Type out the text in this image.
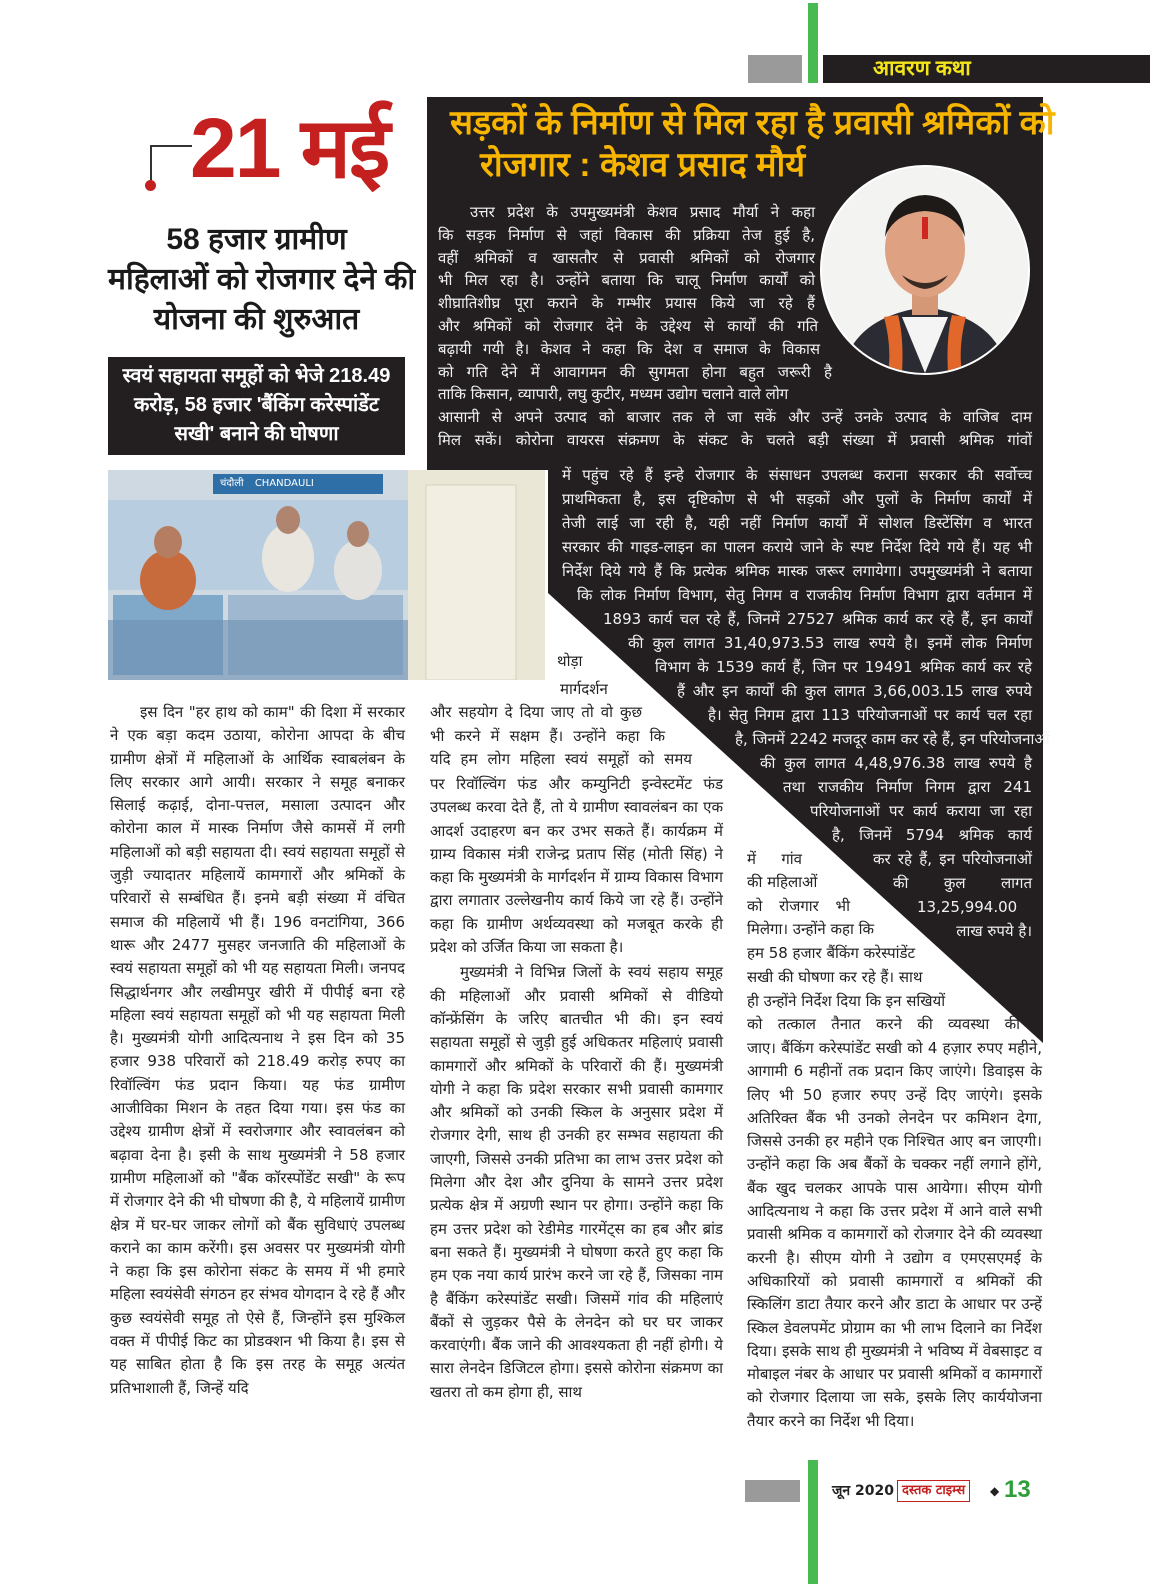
आवरण कथा
21 मई
58 हजार ग्रामीण
महिलाओं को रोजगार देने की
योजना की शुरुआत
स्वयं सहायता समूहों को भेजे 218.49
करोड़, 58 हजार 'बैंकिंग करेस्पांडेंट
सखी' बनाने की घोषणा
सड़कों के निर्माण से मिल रहा है प्रवासी श्रमिकों को
रोजगार : केशव प्रसाद मौर्य
चंदौली CHANDAULI
उत्तर प्रदेश के उपमुख्यमंत्री केशव प्रसाद मौर्या ने कहा
कि सड़क निर्माण से जहां विकास की प्रक्रिया तेज हुई है,
वहीं श्रमिकों व खासतौर से प्रवासी श्रमिकों को रोजगार
भी मिल रहा है। उन्होंने बताया कि चालू निर्माण कार्यों को
शीघ्रातिशीघ्र पूरा कराने के गम्भीर प्रयास किये जा रहे हैं
और श्रमिकों को रोजगार देने के उद्देश्य से कार्यों की गति
बढ़ायी गयी है। केशव ने कहा कि देश व समाज के विकास
को गति देने में आवागमन की सुगमता होना बहुत जरूरी है
ताकि किसान, व्यापारी, लघु कुटीर, मध्यम उद्योग चलाने वाले लोग
आसानी से अपने उत्पाद को बाजार तक ले जा सकें और उन्हें उनके उत्पाद के वाजिब दाम
मिल सकें। कोरोना वायरस संक्रमण के संकट के चलते बड़ी संख्या में प्रवासी श्रमिक गांवों
में पहुंच रहे हैं इन्हे रोजगार के संसाधन उपलब्ध कराना सरकार की सर्वोच्च
प्राथमिकता है, इस दृष्टिकोण से भी सड़कों और पुलों के निर्माण कार्यों में
तेजी लाई जा रही है, यही नहीं निर्माण कार्यों में सोशल डिस्टेंसिंग व भारत
सरकार की गाइड-लाइन का पालन कराये जाने के स्पष्ट निर्देश दिये गये हैं। यह भी
निर्देश दिये गये हैं कि प्रत्येक श्रमिक मास्क जरूर लगायेगा। उपमुख्यमंत्री ने बताया
कि लोक निर्माण विभाग, सेतु निगम व राजकीय निर्माण विभाग द्वारा वर्तमान में
1893 कार्य चल रहे हैं, जिनमें 27527 श्रमिक कार्य कर रहे हैं, इन कार्यों
की कुल लागत 31,40,973.53 लाख रुपये है। इनमें लोक निर्माण
विभाग के 1539 कार्य हैं, जिन पर 19491 श्रमिक कार्य कर रहे
हैं और इन कार्यों की कुल लागत 3,66,003.15 लाख रुपये
है। सेतु निगम द्वारा 113 परियोजनाओं पर कार्य चल रहा
है, जिनमें 2242 मजदूर काम कर रहे हैं, इन परियोजनाओं
की कुल लागत 4,48,976.38 लाख रुपये है
तथा राजकीय निर्माण निगम द्वारा 241
परियोजनाओं पर कार्य कराया जा रहा
है, जिनमें 5794 श्रमिक कार्य
कर रहे हैं, इन परियोजनाओं
की कुल लागत
13,25,994.00
लाख रुपये है।

इस दिन "हर हाथ को काम" की दिशा में सरकार ने एक बड़ा कदम उठाया, कोरोना आपदा के बीच ग्रामीण क्षेत्रों में महिलाओं के आर्थिक स्वाबलंबन के लिए सरकार आगे आयी। सरकार ने समूह बनाकर सिलाई कढ़ाई, दोना-पत्तल, मसाला उत्पादन और कोरोना काल में मास्क निर्माण जैसे कामसें में लगी महिलाओं को बड़ी सहायता दी। स्वयं सहायता समूहों से जुड़ी ज्यादातर महिलायें कामगारों और श्रमिकों के परिवारों से सम्बंधित हैं। इनमे बड़ी संख्या में वंचित समाज की महिलायें भी हैं। 196 वनटांगिया, 366 थारू और 2477 मुसहर जनजाति की महिलाओं के स्वयं सहायता समूहों को भी यह सहायता मिली। जनपद सिद्धार्थनगर और लखीमपुर खीरी में पीपीई बना रहे महिला स्वयं सहायता समूहों को भी यह सहायता मिली है। मुख्यमंत्री योगी आदित्यनाथ ने इस दिन को 35 हजार 938 परिवारों को 218.49 करोड़ रुपए का रिवॉल्विंग फंड प्रदान किया। यह फंड ग्रामीण आजीविका मिशन के तहत दिया गया। इस फंड का उद्देश्य ग्रामीण क्षेत्रों में स्वरोजगार और स्वावलंबन को बढ़ावा देना है। इसी के साथ मुख्यमंत्री ने 58 हजार ग्रामीण महिलाओं को "बैंक कॉरस्पोंडेंट सखी" के रूप में रोजगार देने की भी घोषणा की है, ये महिलायें ग्रामीण क्षेत्र में घर-घर जाकर लोगों को बैंक सुविधाएं उपलब्ध कराने का काम करेंगी। इस अवसर पर मुख्यमंत्री योगी ने कहा कि इस कोरोना संकट के समय में भी हमारे महिला स्वयंसेवी संगठन हर संभव योगदान दे रहे हैं और कुछ स्वयंसेवी समूह तो ऐसे हैं, जिन्होंने इस मुश्किल वक्त में पीपीई किट का प्रोडक्शन भी किया है। इस से यह साबित होता है कि इस तरह के समूह अत्यंत प्रतिभाशाली हैं, जिन्हें यदि

थोड़ा
मार्गदर्शन
और सहयोग दे दिया जाए तो वो कुछ
भी करने में सक्षम हैं। उन्होंने कहा कि
यदि हम लोग महिला स्वयं समूहों को समय

पर रिवॉल्विंग फंड और कम्युनिटी इन्वेस्टमेंट फंड उपलब्ध करवा देते हैं, तो ये ग्रामीण स्वावलंबन का एक आदर्श उदाहरण बन कर उभर सकते हैं। कार्यक्रम में ग्राम्य विकास मंत्री राजेन्द्र प्रताप सिंह (मोती सिंह) ने कहा कि मुख्यमंत्री के मार्गदर्शन में ग्राम्य विकास विभाग द्वारा लगातार उल्लेखनीय कार्य किये जा रहे हैं। उन्होंने कहा कि ग्रामीण अर्थव्यवस्था को मजबूत करके ही प्रदेश को उर्जित किया जा सकता है।

मुख्यमंत्री ने विभिन्न जिलों के स्वयं सहाय समूह की महिलाओं और प्रवासी श्रमिकों से वीडियो कॉन्फ्रेंसिंग के जरिए बातचीत भी की। इन स्वयं सहायता समूहों से जुड़ी हुई अधिकतर महिलाएं प्रवासी कामगारों और श्रमिकों के परिवारों की हैं। मुख्यमंत्री योगी ने कहा कि प्रदेश सरकार सभी प्रवासी कामगार और श्रमिकों को उनकी स्किल के अनुसार प्रदेश में रोजगार देगी, साथ ही उनकी हर सम्भव सहायता की जाएगी, जिससे उनकी प्रतिभा का लाभ उत्तर प्रदेश को मिलेगा और देश और दुनिया के सामने उत्तर प्रदेश प्रत्येक क्षेत्र में अग्रणी स्थान पर होगा। उन्होंने कहा कि हम उत्तर प्रदेश को रेडीमेड गारमेंट्स का हब और ब्रांड बना सकते हैं। मुख्यमंत्री ने घोषणा करते हुए कहा कि हम एक नया कार्य प्रारंभ करने जा रहे हैं, जिसका नाम है बैंकिंग करेस्पांडेंट सखी। जिसमें गांव की महिलाएं बैंकों से जुड़कर पैसे के लेनदेन को घर घर जाकर करवाएंगी। बैंक जाने की आवश्यकता ही नहीं होगी। ये सारा लेनदेन डिजिटल होगा। इससे कोरोना संक्रमण का खतरा तो कम होगा ही, साथ

में गांव
की महिलाओं
को रोजगार भी
मिलेगा। उन्होंने कहा कि
हम 58 हजार बैंकिंग करेस्पांडेंट
सखी की घोषणा कर रहे हैं। साथ
ही उन्होंने निर्देश दिया कि इन सखियों
को तत्काल तैनात करने की व्यवस्था की

जाए। बैंकिंग करेस्पांडेंट सखी को 4 हज़ार रुपए महीने, आगामी 6 महीनों तक प्रदान किए जाएंगे। डिवाइस के लिए भी 50 हजार रुपए उन्हें दिए जाएंगे। इसके अतिरिक्त बैंक भी उनको लेनदेन पर कमिशन देगा, जिससे उनकी हर महीने एक निश्चित आए बन जाएगी। उन्होंने कहा कि अब बैंकों के चक्कर नहीं लगाने होंगे, बैंक खुद चलकर आपके पास आयेगा। सीएम योगी आदित्यनाथ ने कहा कि उत्तर प्रदेश में आने वाले सभी प्रवासी श्रमिक व कामगारों को रोजगार देने की व्यवस्था करनी है। सीएम योगी ने उद्योग व एमएसएमई के अधिकारियों को प्रवासी कामगारों व श्रमिकों की स्किलिंग डाटा तैयार करने और डाटा के आधार पर उन्हें स्किल डेवलपमेंट प्रोग्राम का भी लाभ दिलाने का निर्देश दिया। इसके साथ ही मुख्यमंत्री ने भविष्य में वेबसाइट व मोबाइल नंबर के आधार पर प्रवासी श्रमिकों व कामगारों को रोजगार दिलाया जा सके, इसके लिए कार्ययोजना तैयार करने का निर्देश भी दिया।

जून 2020 दस्तक टाइम्स	◆ 13
